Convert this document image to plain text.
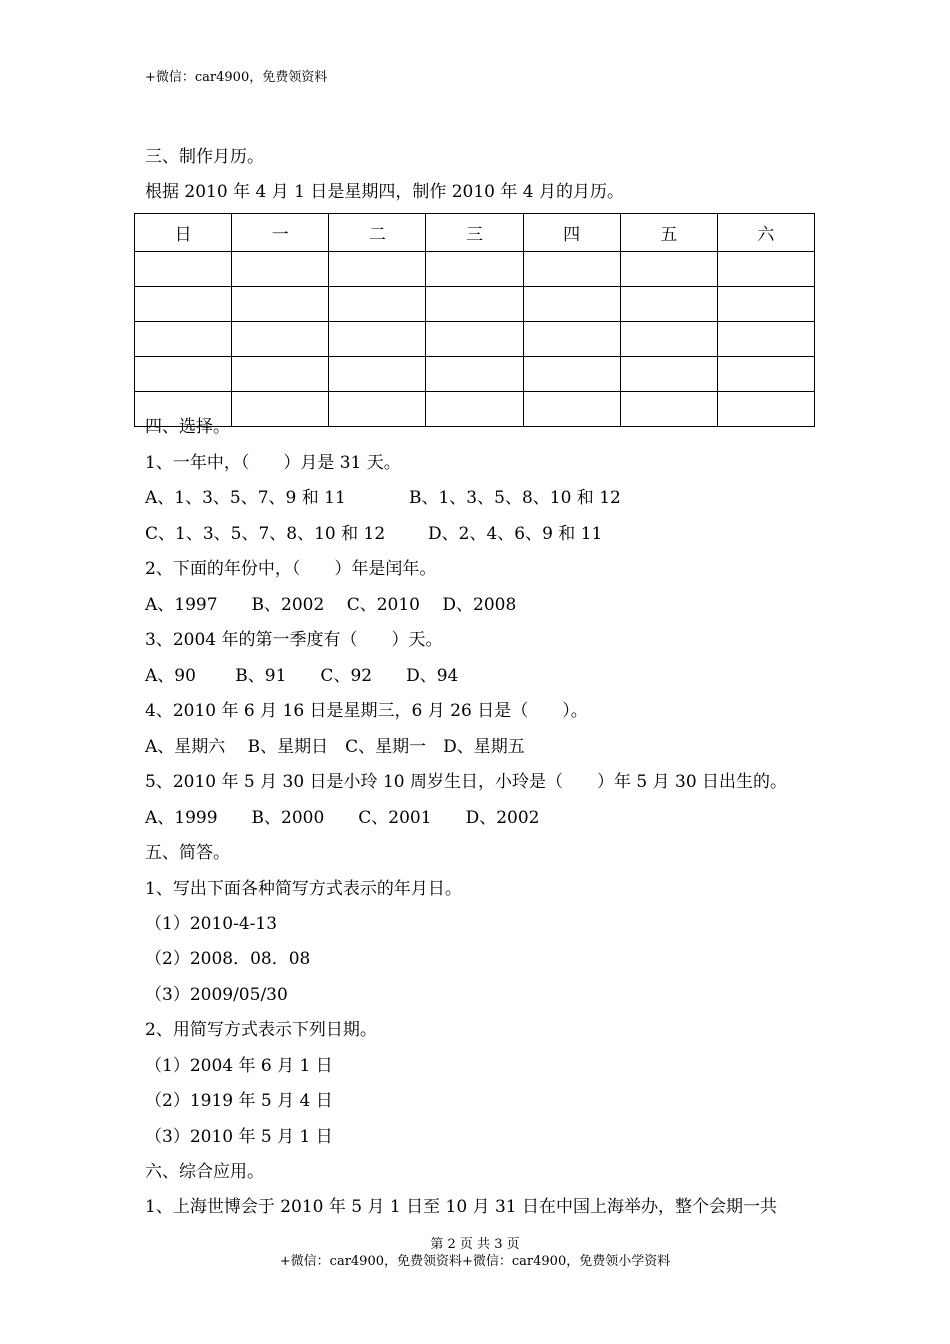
+微信：car4900，免费领资料
三、制作月历。
根据 2010 年 4 月 1 日是星期四，制作 2010 年 4 月的月历。
日	一	二	三	四	五	六

四、选择。
1、一年中，（　　）月是 31 天。
A、1、3、5、7、9 和 11	B、1、3、5、8、10 和 12
C、1、3、5、7、8、10 和 12	D、2、4、6、9 和 11
2、下面的年份中，（　　）年是闰年。
A、1997　　B、2002　 C、2010　 D、2008
3、2004 年的第一季度有（　　）天。
A、90　　 B、91　　C、92　　D、94
4、2010 年 6 月 16 日是星期三，6 月 26 日是（　　）。
A、星期六　 B、星期日　C、星期一　D、星期五
5、2010 年 5 月 30 日是小玲 10 周岁生日，小玲是（　　）年 5 月 30 日出生的。
A、1999　　B、2000　　C、2001　　D、2002
五、简答。
1、写出下面各种简写方式表示的年月日。
（1）2010-4-13
（2）2008．08．08
（3）2009/05/30
2、用简写方式表示下列日期。
（1）2004 年 6 月 1 日
（2）1919 年 5 月 4 日
（3）2010 年 5 月 1 日
六、综合应用。
1、上海世博会于 2010 年 5 月 1 日至 10 月 31 日在中国上海举办，整个会期一共
第 2 页 共 3 页
+微信：car4900，免费领资料+微信：car4900，免费领小学资料
